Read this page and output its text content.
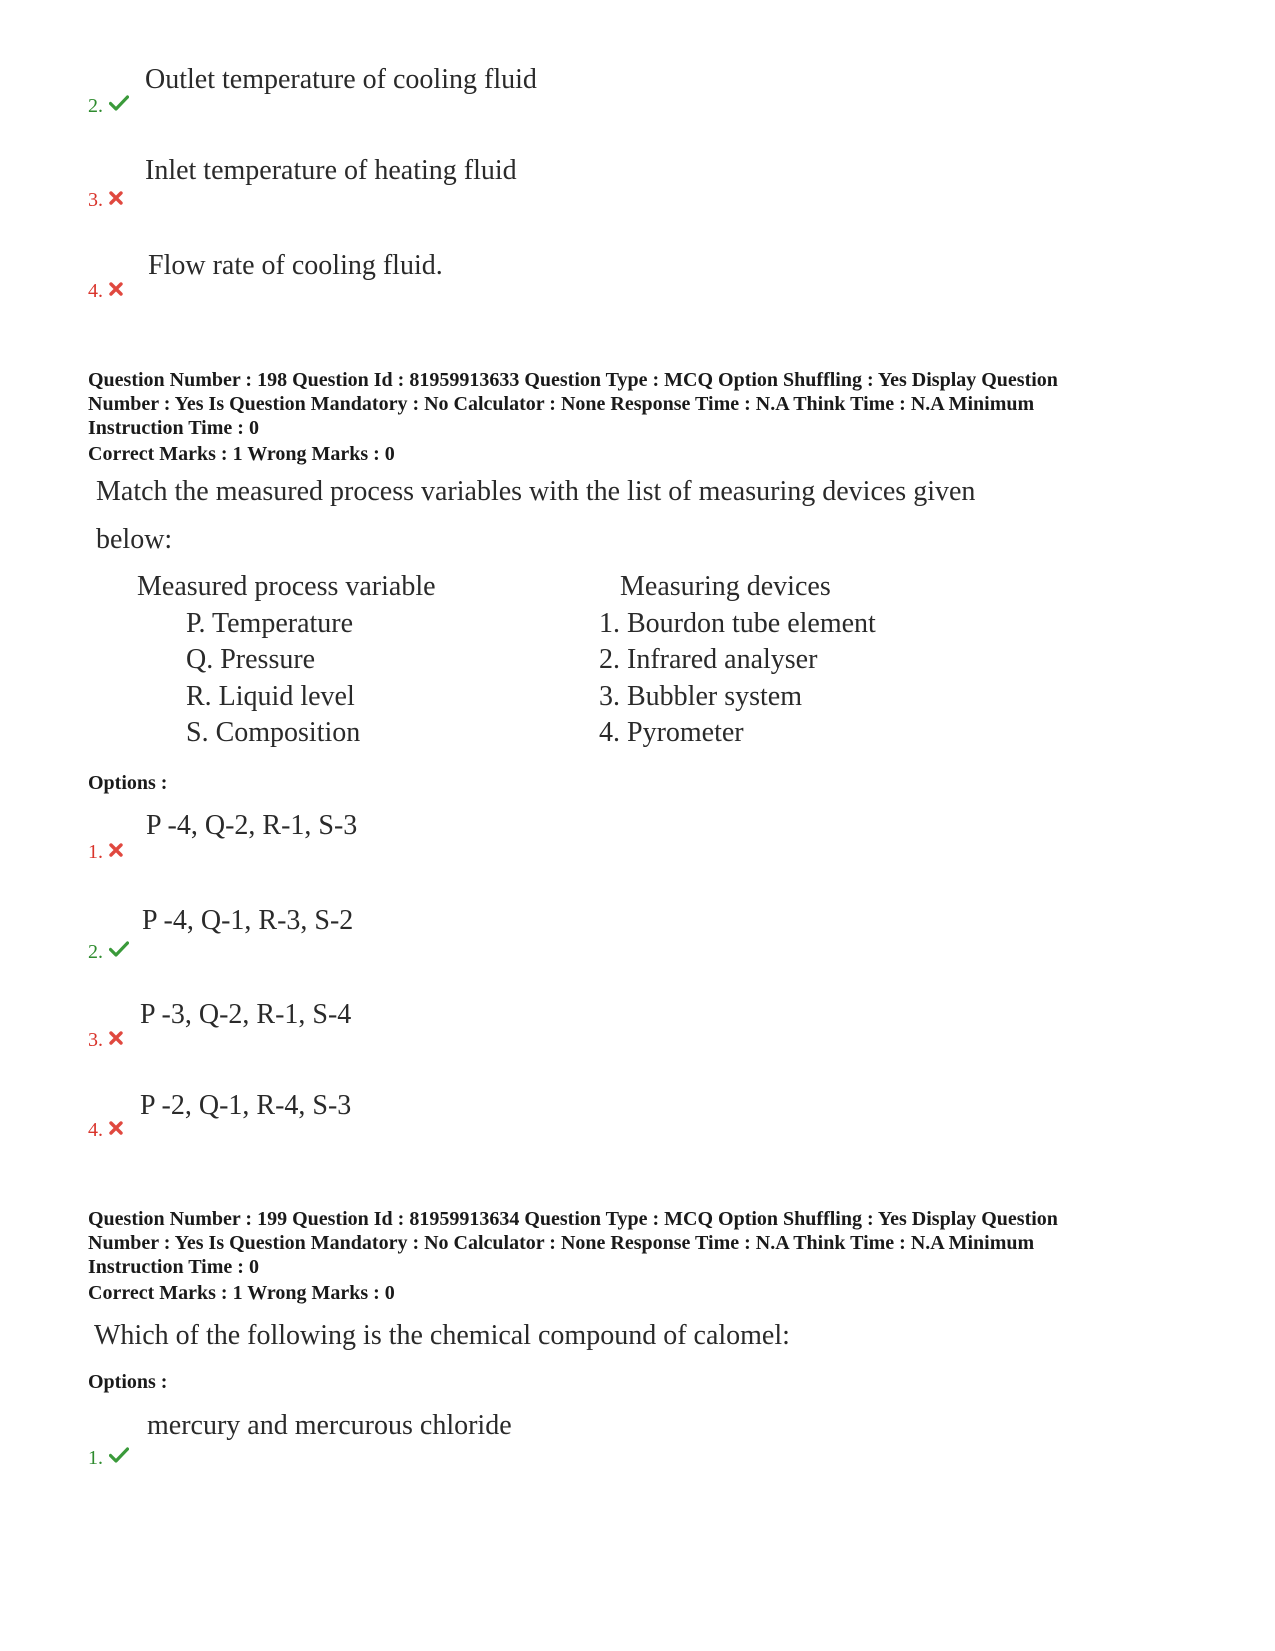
Outlet temperature of cooling fluid
2.
Inlet temperature of heating fluid
3.
Flow rate of cooling fluid.
4.
Question Number : 198 Question Id : 81959913633 Question Type : MCQ Option Shuffling : Yes Display Question
Number : Yes Is Question Mandatory : No Calculator : None Response Time : N.A Think Time : N.A Minimum
Instruction Time : 0
Correct Marks : 1 Wrong Marks : 0
Match the measured process variables with the list of measuring devices given
below:
Measured process variable	Measuring devices
P. Temperature
Q. Pressure
R. Liquid level
S. Composition
1. Bourdon tube element
2. Infrared analyser
3. Bubbler system
4. Pyrometer
Options :
P -4, Q-2, R-1, S-3
1.
P -4, Q-1, R-3, S-2
2.
P -3, Q-2, R-1, S-4
3.
P -2, Q-1, R-4, S-3
4.
Question Number : 199 Question Id : 81959913634 Question Type : MCQ Option Shuffling : Yes Display Question
Number : Yes Is Question Mandatory : No Calculator : None Response Time : N.A Think Time : N.A Minimum
Instruction Time : 0
Correct Marks : 1 Wrong Marks : 0
Which of the following is the chemical compound of calomel:
Options :
mercury and mercurous chloride
1.
